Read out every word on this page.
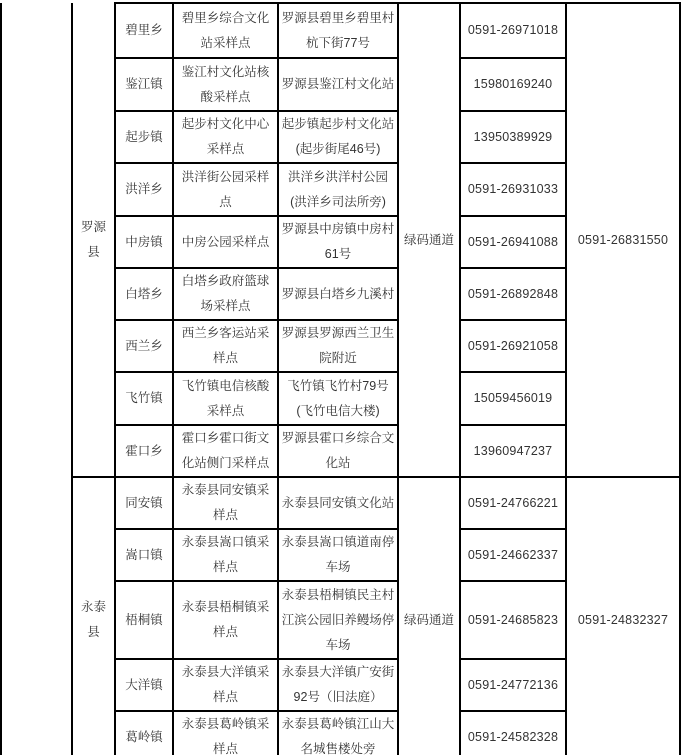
	罗源县	碧里乡	碧里乡综合文化
站采样点	罗源县碧里乡碧里村
杭下街77号	绿码通道	0591-26971018	0591-26831550
		鉴江镇	鉴江村文化站核
酸采样点	罗源县鉴江村文化站		15980169240	
		起步镇	起步村文化中心
采样点	起步镇起步村文化站
(起步街尾46号)		13950389929	
		洪洋乡	洪洋街公园采样
点	洪洋乡洪洋村公园
(洪洋乡司法所旁)		0591-26931033	
		中房镇	中房公园采样点	罗源县中房镇中房村
61号		0591-26941088	
		白塔乡	白塔乡政府篮球
场采样点	罗源县白塔乡九溪村		0591-26892848	
		西兰乡	西兰乡客运站采
样点	罗源县罗源西兰卫生
院附近		0591-26921058	
		飞竹镇	飞竹镇电信核酸
采样点	飞竹镇飞竹村79号
(飞竹电信大楼)		15059456019	
		霍口乡	霍口乡霍口街文
化站侧门采样点	罗源县霍口乡综合文
化站		13960947237	
	永泰县	同安镇	永泰县同安镇采
样点	永泰县同安镇文化站	绿码通道	0591-24766221	0591-24832327
		嵩口镇	永泰县嵩口镇采
样点	永泰县嵩口镇道南停
车场		0591-24662337	
		梧桐镇	永泰县梧桐镇采
样点	永泰县梧桐镇民主村
江滨公园旧养鳗场停
车场		0591-24685823	
		大洋镇	永泰县大洋镇采
样点	永泰县大洋镇广安街
92号（旧法庭）		0591-24772136	
		葛岭镇	永泰县葛岭镇采
样点	永泰县葛岭镇江山大
名城售楼处旁		0591-24582328	
